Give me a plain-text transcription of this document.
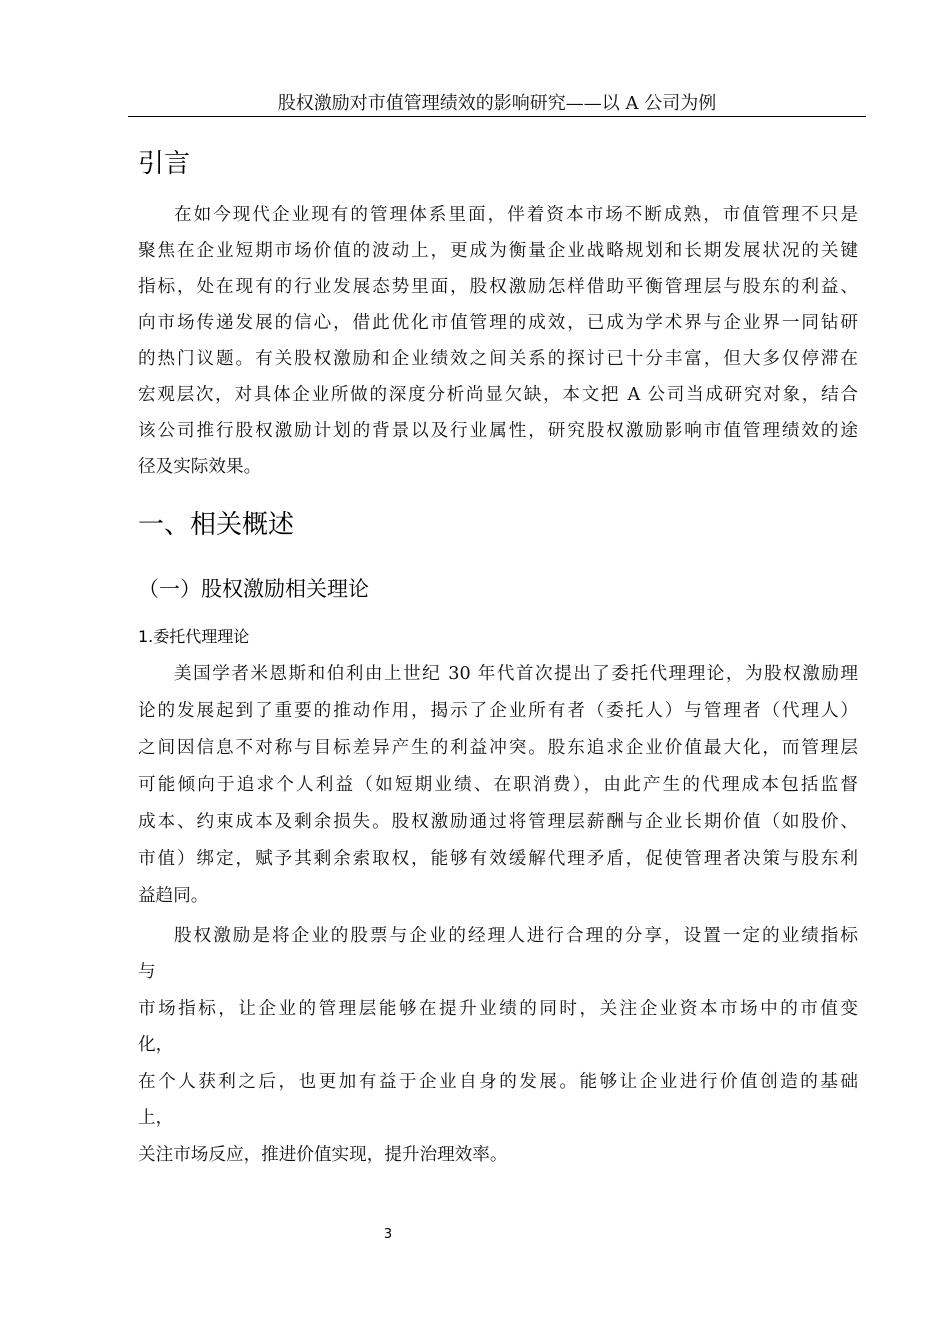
股权激励对市值管理绩效的影响研究——以 A 公司为例
引言
在如今现代企业现有的管理体系里面，伴着资本市场不断成熟，市值管理不只是
聚焦在企业短期市场价值的波动上，更成为衡量企业战略规划和长期发展状况的关键
指标，处在现有的行业发展态势里面，股权激励怎样借助平衡管理层与股东的利益、
向市场传递发展的信心，借此优化市值管理的成效，已成为学术界与企业界一同钻研
的热门议题。有关股权激励和企业绩效之间关系的探讨已十分丰富，但大多仅停滞在
宏观层次，对具体企业所做的深度分析尚显欠缺，本文把 A 公司当成研究对象，结合
该公司推行股权激励计划的背景以及行业属性，研究股权激励影响市值管理绩效的途
径及实际效果。
一、相关概述
（一）股权激励相关理论
1.委托代理理论
美国学者米恩斯和伯利由上世纪 30 年代首次提出了委托代理理论，为股权激励理
论的发展起到了重要的推动作用，揭示了企业所有者（委托人）与管理者（代理人）
之间因信息不对称与目标差异产生的利益冲突。股东追求企业价值最大化，而管理层
可能倾向于追求个人利益（如短期业绩、在职消费），由此产生的代理成本包括监督
成本、约束成本及剩余损失。股权激励通过将管理层薪酬与企业长期价值（如股价、
市值）绑定，赋予其剩余索取权，能够有效缓解代理矛盾，促使管理者决策与股东利
益趋同。
股权激励是将企业的股票与企业的经理人进行合理的分享，设置一定的业绩指标
与
市场指标，让企业的管理层能够在提升业绩的同时，关注企业资本市场中的市值变
化，
在个人获利之后，也更加有益于企业自身的发展。能够让企业进行价值创造的基础
上，
关注市场反应，推进价值实现，提升治理效率。
3
